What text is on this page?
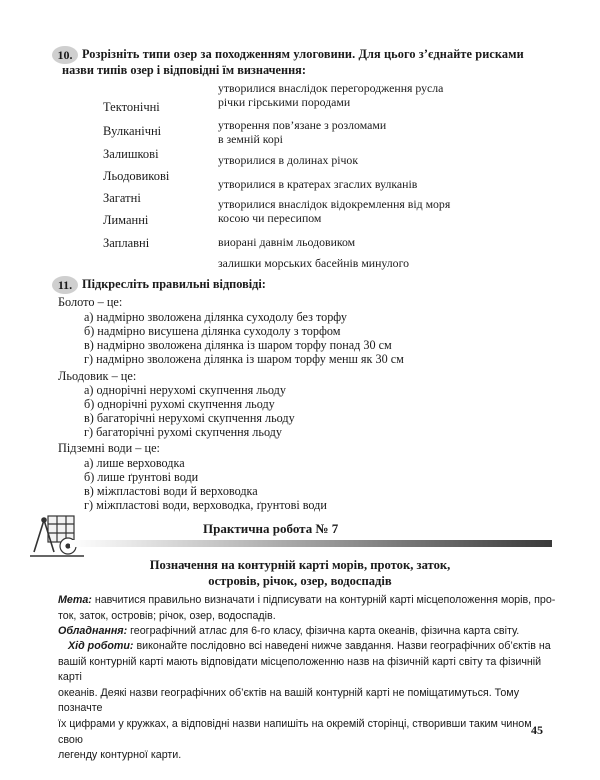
10. Розрізніть типи озер за походженням улоговини. Для цього з’єднайте рисками
назви типів озер і відповідні їм визначення:
Тектонічні
Вулканічні
Залишкові
Льодовикові
Загатні
Лиманні
Заплавні
утворилися внаслідок перегородження русла
річки гірськими породами
утворення пов’язане з розломами
в земній корі
утворилися в долинах річок
утворилися в кратерах згаслих вулканів
утворилися внаслідок відокремлення від моря
косою чи пересипом
виорані давнім льодовиком
залишки морських басейнів минулого
11. Підкресліть правильні відповіді:
Болото – це:
а) надмірно зволожена ділянка суходолу без торфу
б) надмірно висушена ділянка суходолу з торфом
в) надмірно зволожена ділянка із шаром торфу понад 30 см
г) надмірно зволожена ділянка із шаром торфу менш як 30 см
Льодовик – це:
а) однорічні нерухомі скупчення льоду
б) однорічні рухомі скупчення льоду
в) багаторічні нерухомі скупчення льоду
г) багаторічні рухомі скупчення льоду
Підземні води – це:
а) лише верховодка
б) лише ґрунтові води
в) міжпластові води й верховодка
г) міжпластові води, верховодка, ґрунтові води
Практична робота № 7
Позначення на контурній карті морів, проток, заток,
островів, річок, озер, водоспадів
Мета: навчитися правильно визначати і підписувати на контурній карті місцеположення морів, про-
ток, заток, островів; річок, озер, водоспадів.
Обладнання: географічний атлас для 6-го класу, фізична карта океанів, фізична карта світу.
Хід роботи: виконайте послідовно всі наведені нижче завдання. Назви географічних об’єктів на
вашій контурній карті мають відповідати місцеположенню назв на фізичній карті світу та фізичній карті
океанів. Деякі назви географічних об’єктів на вашій контурній карті не поміщатимуться. Тому позначте
їх цифрами у кружках, а відповідні назви напишіть на окремій сторінці, створивши таким чином свою
легенду контурної карти.
45
